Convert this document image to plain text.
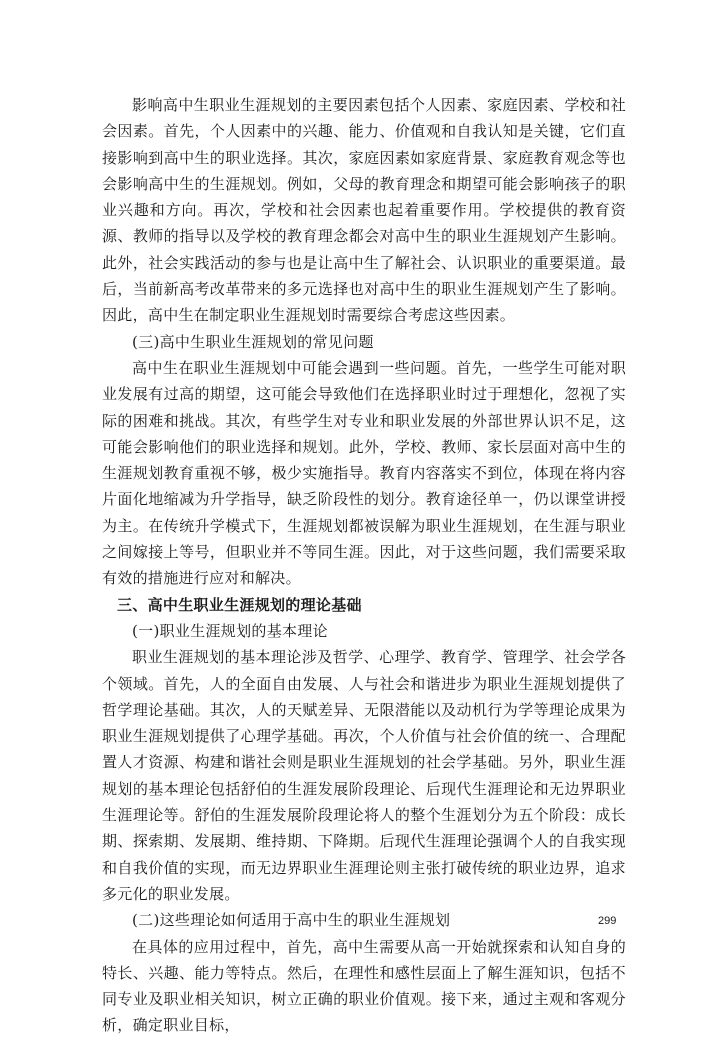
影响高中生职业生涯规划的主要因素包括个人因素、家庭因素、学校和社会因素。首先，个人因素中的兴趣、能力、价值观和自我认知是关键，它们直接影响到高中生的职业选择。其次，家庭因素如家庭背景、家庭教育观念等也会影响高中生的生涯规划。例如，父母的教育理念和期望可能会影响孩子的职业兴趣和方向。再次，学校和社会因素也起着重要作用。学校提供的教育资源、教师的指导以及学校的教育理念都会对高中生的职业生涯规划产生影响。此外，社会实践活动的参与也是让高中生了解社会、认识职业的重要渠道。最后，当前新高考改革带来的多元选择也对高中生的职业生涯规划产生了影响。因此，高中生在制定职业生涯规划时需要综合考虑这些因素。

(三)高中生职业生涯规划的常见问题

高中生在职业生涯规划中可能会遇到一些问题。首先，一些学生可能对职业发展有过高的期望，这可能会导致他们在选择职业时过于理想化，忽视了实际的困难和挑战。其次，有些学生对专业和职业发展的外部世界认识不足，这可能会影响他们的职业选择和规划。此外，学校、教师、家长层面对高中生的生涯规划教育重视不够，极少实施指导。教育内容落实不到位，体现在将内容片面化地缩减为升学指导，缺乏阶段性的划分。教育途径单一，仍以课堂讲授为主。在传统升学模式下，生涯规划都被误解为职业生涯规划，在生涯与职业之间嫁接上等号，但职业并不等同生涯。因此，对于这些问题，我们需要采取有效的措施进行应对和解决。

三、高中生职业生涯规划的理论基础

(一)职业生涯规划的基本理论

职业生涯规划的基本理论涉及哲学、心理学、教育学、管理学、社会学各个领域。首先，人的全面自由发展、人与社会和谐进步为职业生涯规划提供了哲学理论基础。其次，人的天赋差异、无限潜能以及动机行为学等理论成果为职业生涯规划提供了心理学基础。再次，个人价值与社会价值的统一、合理配置人才资源、构建和谐社会则是职业生涯规划的社会学基础。另外，职业生涯规划的基本理论包括舒伯的生涯发展阶段理论、后现代生涯理论和无边界职业生涯理论等。舒伯的生涯发展阶段理论将人的整个生涯划分为五个阶段：成长期、探索期、发展期、维持期、下降期。后现代生涯理论强调个人的自我实现和自我价值的实现，而无边界职业生涯理论则主张打破传统的职业边界，追求多元化的职业发展。

(二)这些理论如何适用于高中生的职业生涯规划

在具体的应用过程中，首先，高中生需要从高一开始就探索和认知自身的特长、兴趣、能力等特点。然后，在理性和感性层面上了解生涯知识，包括不同专业及职业相关知识，树立正确的职业价值观。接下来，通过主观和客观分析，确定职业目标，

299
